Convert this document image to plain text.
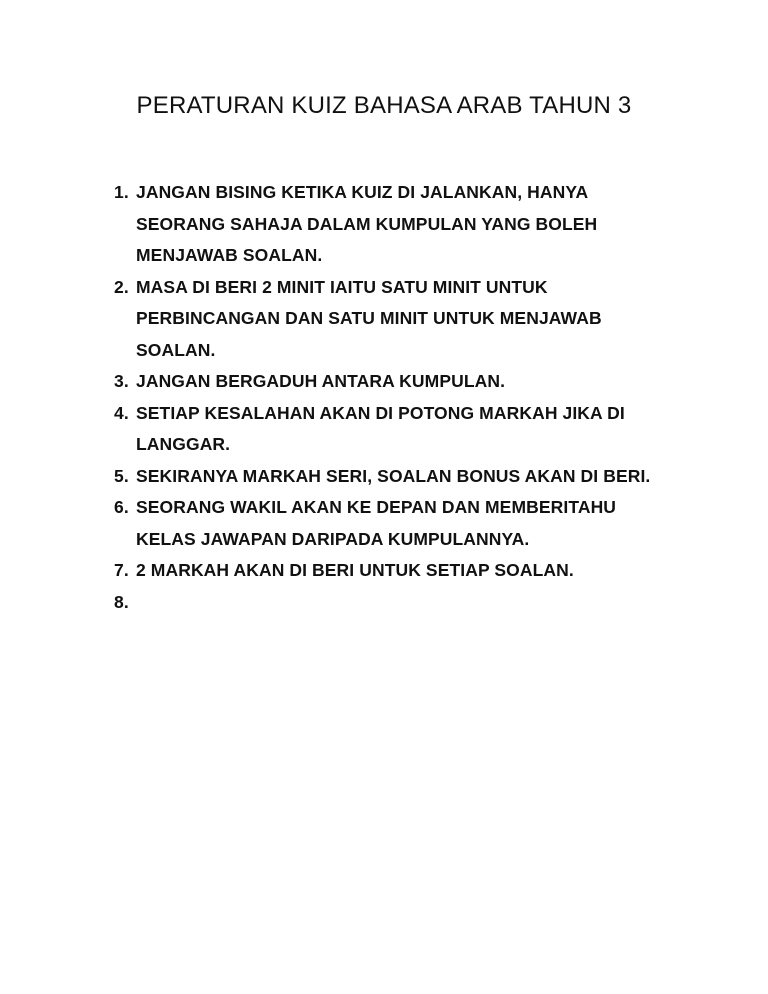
PERATURAN KUIZ BAHASA ARAB TAHUN 3
1. JANGAN BISING KETIKA KUIZ DI JALANKAN, HANYA SEORANG SAHAJA DALAM KUMPULAN YANG BOLEH MENJAWAB SOALAN.
2. MASA DI BERI 2 MINIT IAITU SATU MINIT UNTUK PERBINCANGAN DAN SATU MINIT UNTUK MENJAWAB SOALAN.
3. JANGAN BERGADUH ANTARA KUMPULAN.
4. SETIAP KESALAHAN AKAN DI POTONG MARKAH JIKA DI LANGGAR.
5. SEKIRANYA MARKAH SERI, SOALAN BONUS AKAN DI BERI.
6. SEORANG WAKIL AKAN KE DEPAN DAN MEMBERITAHU KELAS JAWAPAN DARIPADA KUMPULANNYA.
7. 2 MARKAH AKAN DI BERI UNTUK SETIAP SOALAN.
8.
